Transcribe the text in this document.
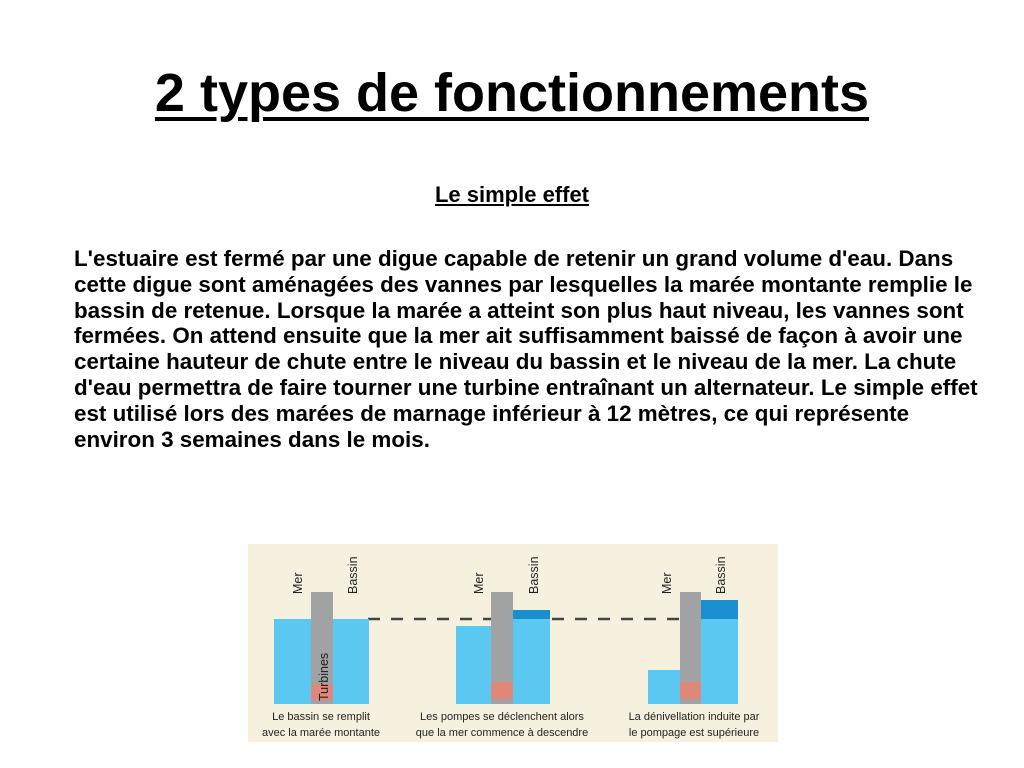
2 types de fonctionnements

Le simple effet

L'estuaire est fermé par une digue capable de retenir un grand volume d'eau. Dans cette digue sont aménagées des vannes par lesquelles la marée montante remplie le bassin de retenue. Lorsque la marée a atteint son plus haut niveau, les vannes sont fermées. On attend ensuite que la mer ait suffisamment baissé de façon à avoir une certaine hauteur de chute entre le niveau du bassin et le niveau de la mer. La chute d'eau permettra de faire tourner une turbine entraînant un alternateur. Le simple effet est utilisé lors des marées de marnage inférieur à 12 mètres, ce qui représente environ 3 semaines dans le mois.

Mer	Bassin
Turbines
Le bassin se remplit
avec la marée montante
Mer	Bassin
Les pompes se déclenchent alors
que la mer commence à descendre
Mer	Bassin
La dénivellation induite par
le pompage est supérieure
